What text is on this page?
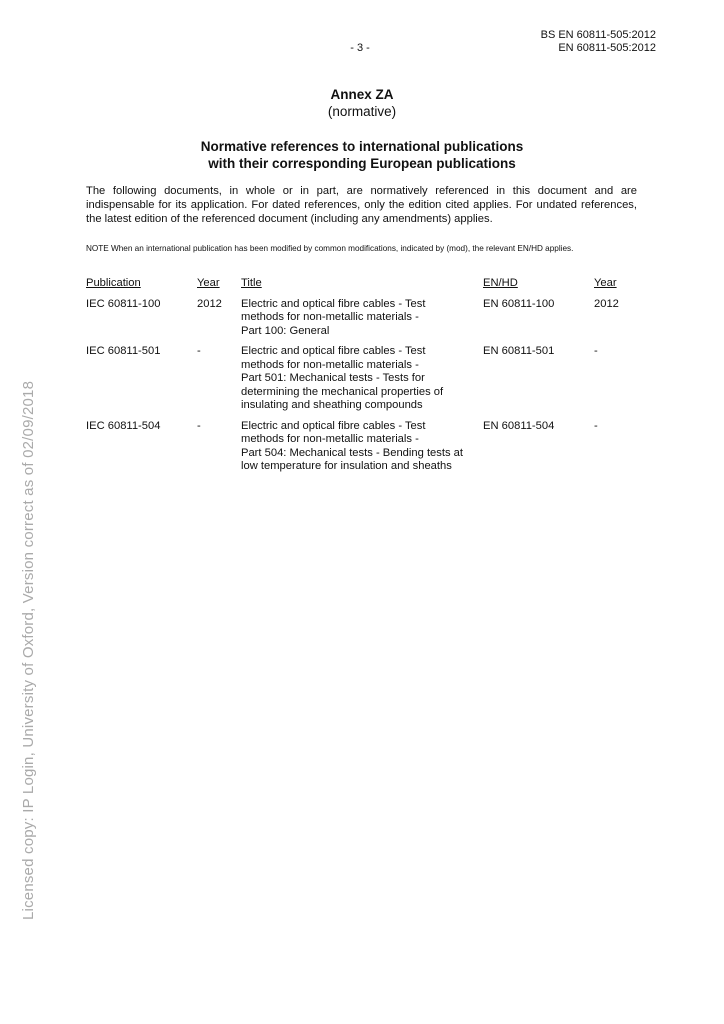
BS EN 60811-505:2012
EN 60811-505:2012
- 3 -
Annex ZA
(normative)
Normative references to international publications
with their corresponding European publications
The following documents, in whole or in part, are normatively referenced in this document and are indispensable for its application. For dated references, only the edition cited applies. For undated references, the latest edition of the referenced document (including any amendments) applies.
NOTE When an international publication has been modified by common modifications, indicated by (mod), the relevant EN/HD applies.
Publication	Year	Title	EN/HD	Year
IEC 60811-100	2012	Electric and optical fibre cables - Test
methods for non-metallic materials -
Part 100: General	EN 60811-100	2012
IEC 60811-501	-	Electric and optical fibre cables - Test
methods for non-metallic materials -
Part 501: Mechanical tests - Tests for
determining the mechanical properties of
insulating and sheathing compounds	EN 60811-501	-
IEC 60811-504	-	Electric and optical fibre cables - Test
methods for non-metallic materials -
Part 504: Mechanical tests - Bending tests at
low temperature for insulation and sheaths	EN 60811-504	-
Licensed copy: IP Login, University of Oxford, Version correct as of 02/09/2018
